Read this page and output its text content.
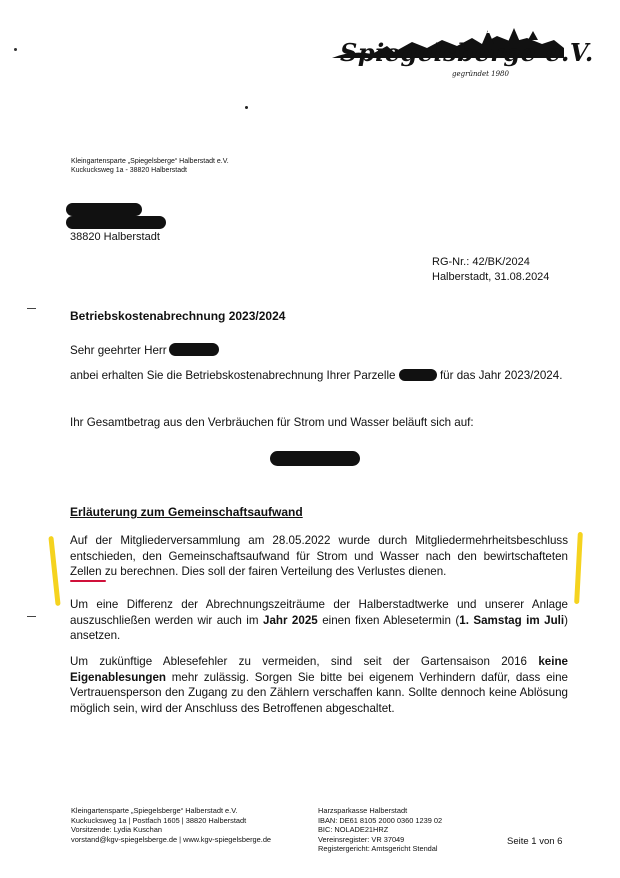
Gartenverein
Spiegelsberge e.V.
gegründet 1980
Kleingartensparte „Spiegelsberge“ Halberstadt e.V.
Kuckucksweg 1a - 38820 Halberstadt
38820 Halberstadt
RG-Nr.: 42/BK/2024
Halberstadt, 31.08.2024
Betriebskostenabrechnung 2023/2024
Sehr geehrter Herr
anbei erhalten Sie die Betriebskostenabrechnung Ihrer Parzelle	für das Jahr 2023/2024.
Ihr Gesamtbetrag aus den Verbräuchen für Strom und Wasser beläuft sich auf:
Erläuterung zum Gemeinschaftsaufwand
Auf der Mitgliederversammlung am 28.05.2022 wurde durch Mitgliedermehrheitsbeschluss entschieden, den Gemeinschaftsaufwand für Strom und Wasser nach den bewirtschafteten Zellen zu berechnen. Dies soll der fairen Verteilung des Verlustes dienen.
Um eine Differenz der Abrechnungszeiträume der Halberstadtwerke und unserer Anlage auszuschließen werden wir auch im Jahr 2025 einen fixen Ablesetermin (1. Samstag im Juli) ansetzen.
Um zukünftige Ablesefehler zu vermeiden, sind seit der Gartensaison 2016 keine Eigenablesungen mehr zulässig. Sorgen Sie bitte bei eigenem Verhindern dafür, dass eine Vertrauensperson den Zugang zu den Zählern verschaffen kann. Sollte dennoch keine Ablösung möglich sein, wird der Anschluss des Betroffenen abgeschaltet.
Kleingartensparte „Spiegelsberge“ Halberstadt e.V.
Kuckucksweg 1a | Postfach 1605 | 38820 Halberstadt
Vorsitzende: Lydia Kuschan
vorstand@kgv-spiegelsberge.de | www.kgv-spiegelsberge.de
Harzsparkasse Halberstadt
IBAN: DE61 8105 2000 0360 1239 02
BIC: NOLADE21HRZ
Vereinsregister: VR 37049
Registergericht: Amtsgericht Stendal
Seite 1 von 6
